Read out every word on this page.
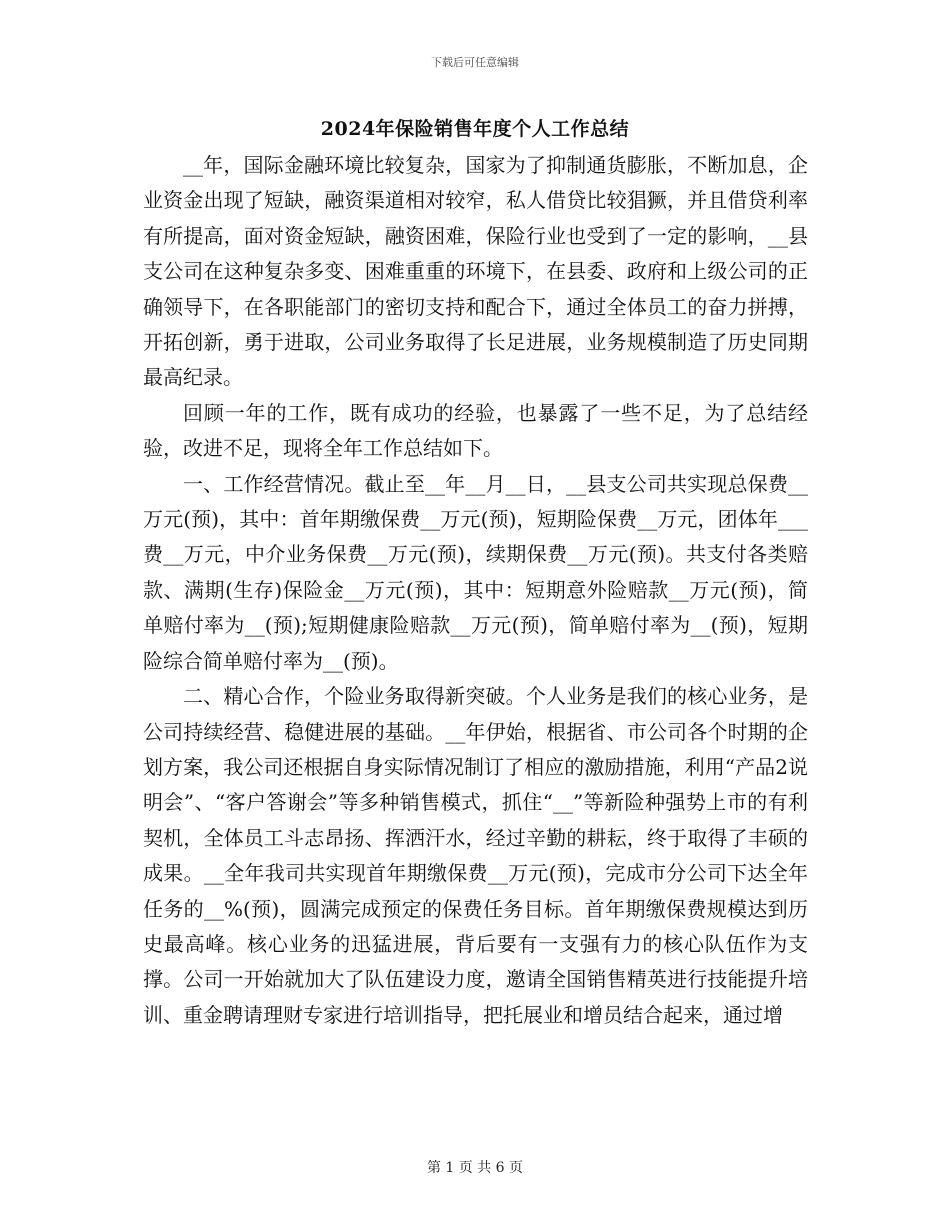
下载后可任意编辑
2024年保险销售年度个人工作总结

__年，国际金融环境比较复杂，国家为了抑制通货膨胀，不断加息，企业资金出现了短缺，融资渠道相对较窄，私人借贷比较猖獗，并且借贷利率有所提高，面对资金短缺，融资困难，保险行业也受到了一定的影响，__县支公司在这种复杂多变、困难重重的环境下，在县委、政府和上级公司的正确领导下，在各职能部门的密切支持和配合下，通过全体员工的奋力拼搏，开拓创新，勇于进取，公司业务取得了长足进展，业务规模制造了历史同期最高纪录。

回顾一年的工作，既有成功的经验，也暴露了一些不足，为了总结经验，改进不足，现将全年工作总结如下。

一、工作经营情况。截止至__年__月__日，__县支公司共实现总保费__万元(预)，其中：首年期缴保费__万元(预)，短期险保费__万元，团体年___费__万元，中介业务保费__万元(预)，续期保费__万元(预)。共支付各类赔款、满期(生存)保险金__万元(预)，其中：短期意外险赔款__万元(预)，简单赔付率为__(预);短期健康险赔款__万元(预)，简单赔付率为__(预)，短期险综合简单赔付率为__(预)。

二、精心合作，个险业务取得新突破。个人业务是我们的核心业务，是公司持续经营、稳健进展的基础。__年伊始，根据省、市公司各个时期的企划方案，我公司还根据自身实际情况制订了相应的激励措施，利用“产品2说明会”、“客户答谢会”等多种销售模式，抓住“__”等新险种强势上市的有利契机，全体员工斗志昂扬、挥洒汗水，经过辛勤的耕耘，终于取得了丰硕的成果。__全年我司共实现首年期缴保费__万元(预)，完成市分公司下达全年任务的__%(预)，圆满完成预定的保费任务目标。首年期缴保费规模达到历史最高峰。核心业务的迅猛进展，背后要有一支强有力的核心队伍作为支撑。公司一开始就加大了队伍建设力度，邀请全国销售精英进行技能提升培训、重金聘请理财专家进行培训指导，把托展业和增员结合起来，通过增

第 1 页 共 6 页
